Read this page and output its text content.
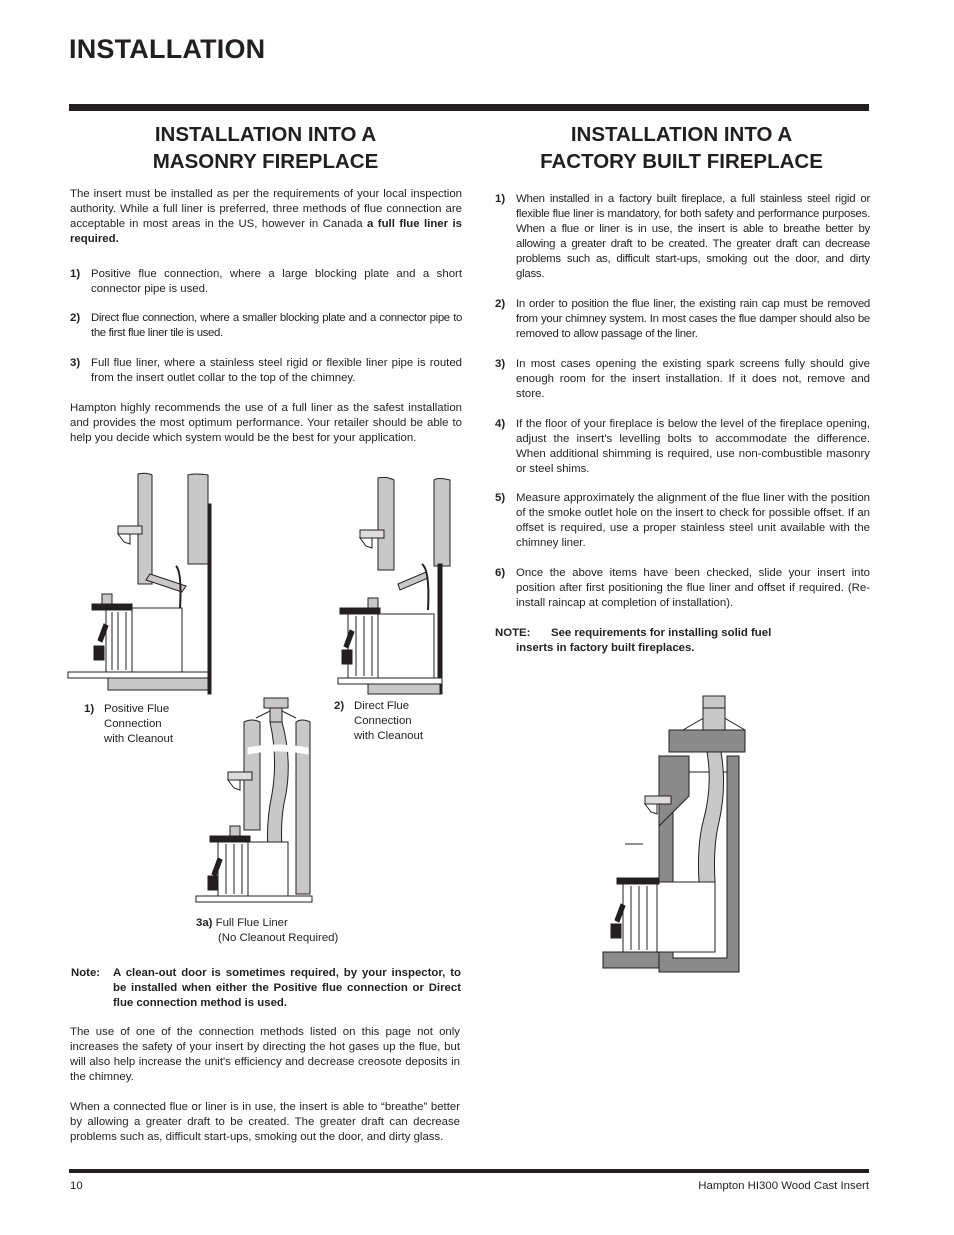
INSTALLATION
INSTALLATION INTO A
MASONRY FIREPLACE
The insert must be installed as per the requirements of your local inspection authority. While a full liner is preferred, three methods of flue connection are acceptable in most areas in the US, however in Canada a full flue liner is required.
1) Positive flue connection, where a large blocking plate and a short connector pipe is used.
2) Direct flue connection, where a smaller blocking plate and a connector pipe to the first flue liner tile is used.
3) Full flue liner, where a stainless steel rigid or flexible liner pipe is routed from the insert outlet collar to the top of the chimney.
Hampton highly recommends the use of a full liner as the safest installation and provides the most optimum performance. Your retailer should be able to help you decide which system would be the best for your application.
1) Positive Flue
Connection
with Cleanout
2) Direct Flue
Connection
with Cleanout
3a) Full Flue Liner
(No Cleanout Required)
Note:	A clean-out door is sometimes required, by your inspector, to be installed when either the Positive flue connection or Direct flue connection method is used.
The use of one of the connection methods listed on this page not only increases the safety of your insert by directing the hot gases up the flue, but will also help increase the unit's efficiency and decrease creosote deposits in the chimney.
When a connected flue or liner is in use, the insert is able to “breathe” better by allowing a greater draft to be created. The greater draft can decrease problems such as, difficult start-ups, smoking out the door, and dirty glass.
INSTALLATION INTO A
FACTORY BUILT FIREPLACE
1) When installed in a factory built fireplace, a full stainless steel rigid or flexible flue liner is mandatory, for both safety and performance purposes. When a flue or liner is in use, the insert is able to breathe better by allowing a greater draft to be created. The greater draft can decrease problems such as, difficult start-ups, smoking out the door, and dirty glass.
2) In order to position the flue liner, the existing rain cap must be removed from your chimney system. In most cases the flue damper should also be removed to allow passage of the liner.
3) In most cases opening the existing spark screens fully should give enough room for the insert installation. If it does not, remove and store.
4) If the floor of your fireplace is below the level of the fireplace opening, adjust the insert's levelling bolts to accommodate the difference. When additional shimming is required, use non-combustible masonry or steel shims.
5) Measure approximately the alignment of the flue liner with the position of the smoke outlet hole on the insert to check for possible offset. If an offset is required, use a proper stainless steel unit available with the chimney liner.
6) Once the above items have been checked, slide your insert into position after first positioning the flue liner and offset if required. (Re-install raincap at completion of installation).
NOTE: See requirements for installing solid fuel
inserts in factory built fireplaces.
10	Hampton HI300 Wood Cast Insert
